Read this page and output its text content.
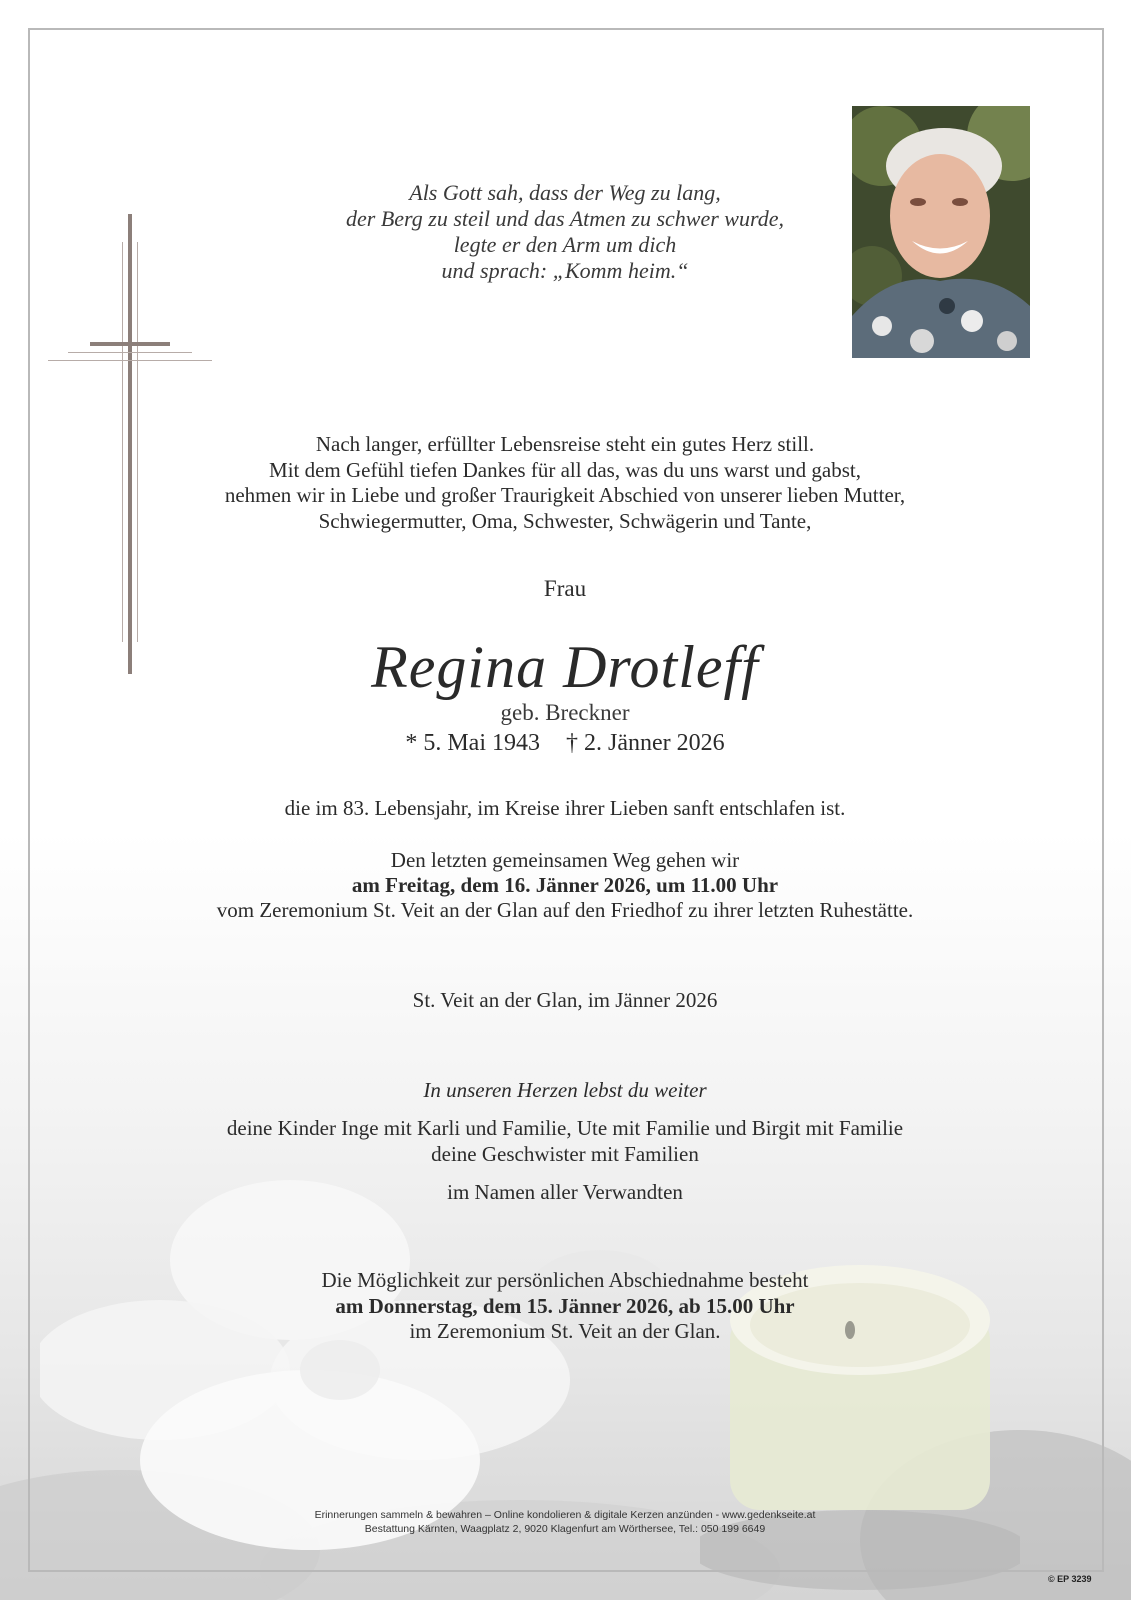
Als Gott sah, dass der Weg zu lang,
der Berg zu steil und das Atmen zu schwer wurde,
legte er den Arm um dich
und sprach: „Komm heim.“
Nach langer, erfüllter Lebensreise steht ein gutes Herz still.
Mit dem Gefühl tiefen Dankes für all das, was du uns warst und gabst,
nehmen wir in Liebe und großer Traurigkeit Abschied von unserer lieben Mutter,
Schwiegermutter, Oma, Schwester, Schwägerin und Tante,
Frau
Regina Drotleff
geb. Breckner
* 5. Mai 1943 † 2. Jänner 2026
die im 83. Lebensjahr, im Kreise ihrer Lieben sanft entschlafen ist.
Den letzten gemeinsamen Weg gehen wir
am Freitag, dem 16. Jänner 2026, um 11.00 Uhr
vom Zeremonium St. Veit an der Glan auf den Friedhof zu ihrer letzten Ruhestätte.
St. Veit an der Glan, im Jänner 2026
In unseren Herzen lebst du weiter
deine Kinder Inge mit Karli und Familie, Ute mit Familie und Birgit mit Familie
deine Geschwister mit Familien
im Namen aller Verwandten
Die Möglichkeit zur persönlichen Abschiednahme besteht
am Donnerstag, dem 15. Jänner 2026, ab 15.00 Uhr
im Zeremonium St. Veit an der Glan.
Erinnerungen sammeln & bewahren – Online kondolieren & digitale Kerzen anzünden - www.gedenkseite.at
Bestattung Kärnten, Waagplatz 2, 9020 Klagenfurt am Wörthersee, Tel.: 050 199 6649
© EP 3239
